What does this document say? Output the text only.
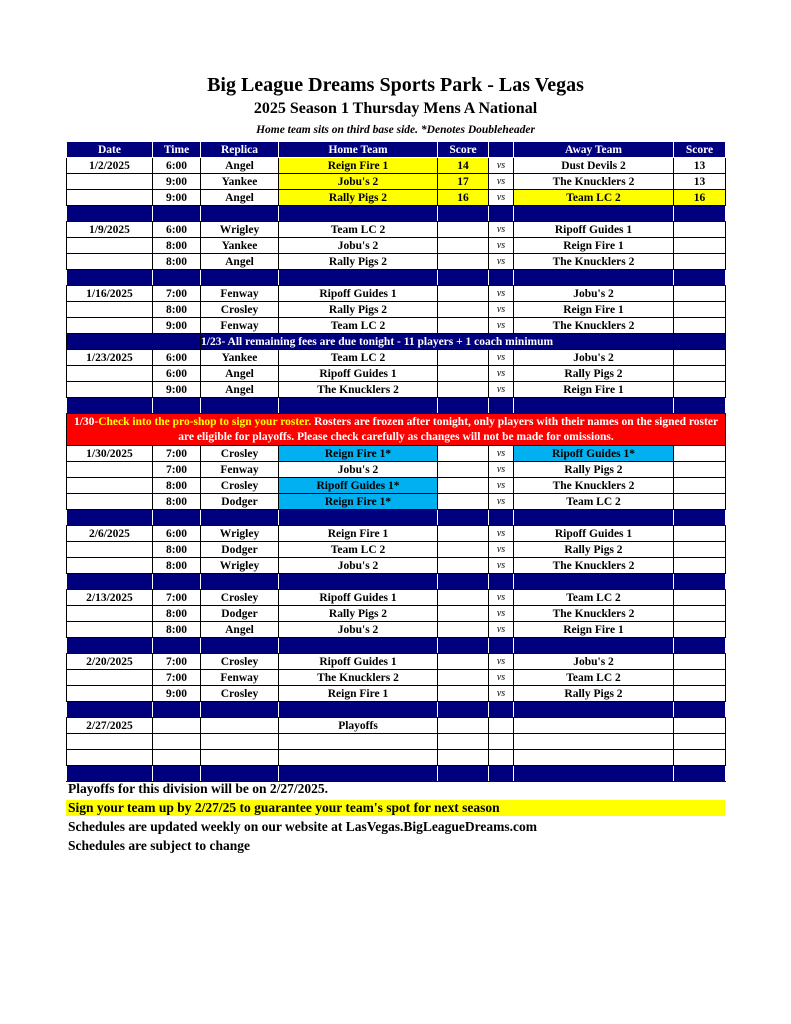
Big League Dreams Sports Park - Las Vegas
2025 Season 1 Thursday Mens A National
Home team sits on third base side. *Denotes Doubleheader
Date	Time	Replica	Home Team	Score		Away Team	Score
1/2/2025	6:00	Angel	Reign Fire 1	14	vs	Dust Devils 2	13
	9:00	Yankee	Jobu's 2	17	vs	The Knucklers 2	13
	9:00	Angel	Rally Pigs 2	16	vs	Team LC 2	16

1/9/2025	6:00	Wrigley	Team LC 2		vs	Ripoff Guides 1	
	8:00	Yankee	Jobu's 2		vs	Reign Fire 1	
	8:00	Angel	Rally Pigs 2		vs	The Knucklers 2	

1/16/2025	7:00	Fenway	Ripoff Guides 1		vs	Jobu's 2	
	8:00	Crosley	Rally Pigs 2		vs	Reign Fire 1	
	9:00	Fenway	Team LC 2		vs	The Knucklers 2	
		1/23- All remaining fees are due tonight - 11 players + 1 coach minimum					
1/23/2025	6:00	Yankee	Team LC 2		vs	Jobu's 2	
	6:00	Angel	Ripoff Guides 1		vs	Rally Pigs 2	
	9:00	Angel	The Knucklers 2		vs	Reign Fire 1	

1/30-Check into the pro-shop to sign your roster. Rosters are frozen after tonight, only players with their names on the signed roster are eligible for playoffs. Please check carefully as changes will not be made for omissions.							
1/30/2025	7:00	Crosley	Reign Fire 1*		vs	Ripoff Guides 1*	
	7:00	Fenway	Jobu's 2		vs	Rally Pigs 2	
	8:00	Crosley	Ripoff Guides 1*		vs	The Knucklers 2	
	8:00	Dodger	Reign Fire 1*		vs	Team LC 2	

2/6/2025	6:00	Wrigley	Reign Fire 1		vs	Ripoff Guides 1	
	8:00	Dodger	Team LC 2		vs	Rally Pigs 2	
	8:00	Wrigley	Jobu's 2		vs	The Knucklers 2	

2/13/2025	7:00	Crosley	Ripoff Guides 1		vs	Team LC 2	
	8:00	Dodger	Rally Pigs 2		vs	The Knucklers 2	
	8:00	Angel	Jobu's 2		vs	Reign Fire 1	

2/20/2025	7:00	Crosley	Ripoff Guides 1		vs	Jobu's 2	
	7:00	Fenway	The Knucklers 2		vs	Team LC 2	
	9:00	Crosley	Reign Fire 1		vs	Rally Pigs 2	

2/27/2025			Playoffs				

Playoffs for this division will be on 2/27/2025.
Sign your team up by 2/27/25 to guarantee your team's spot for next season
Schedules are updated weekly on our website at LasVegas.BigLeagueDreams.com
Schedules are subject to change
